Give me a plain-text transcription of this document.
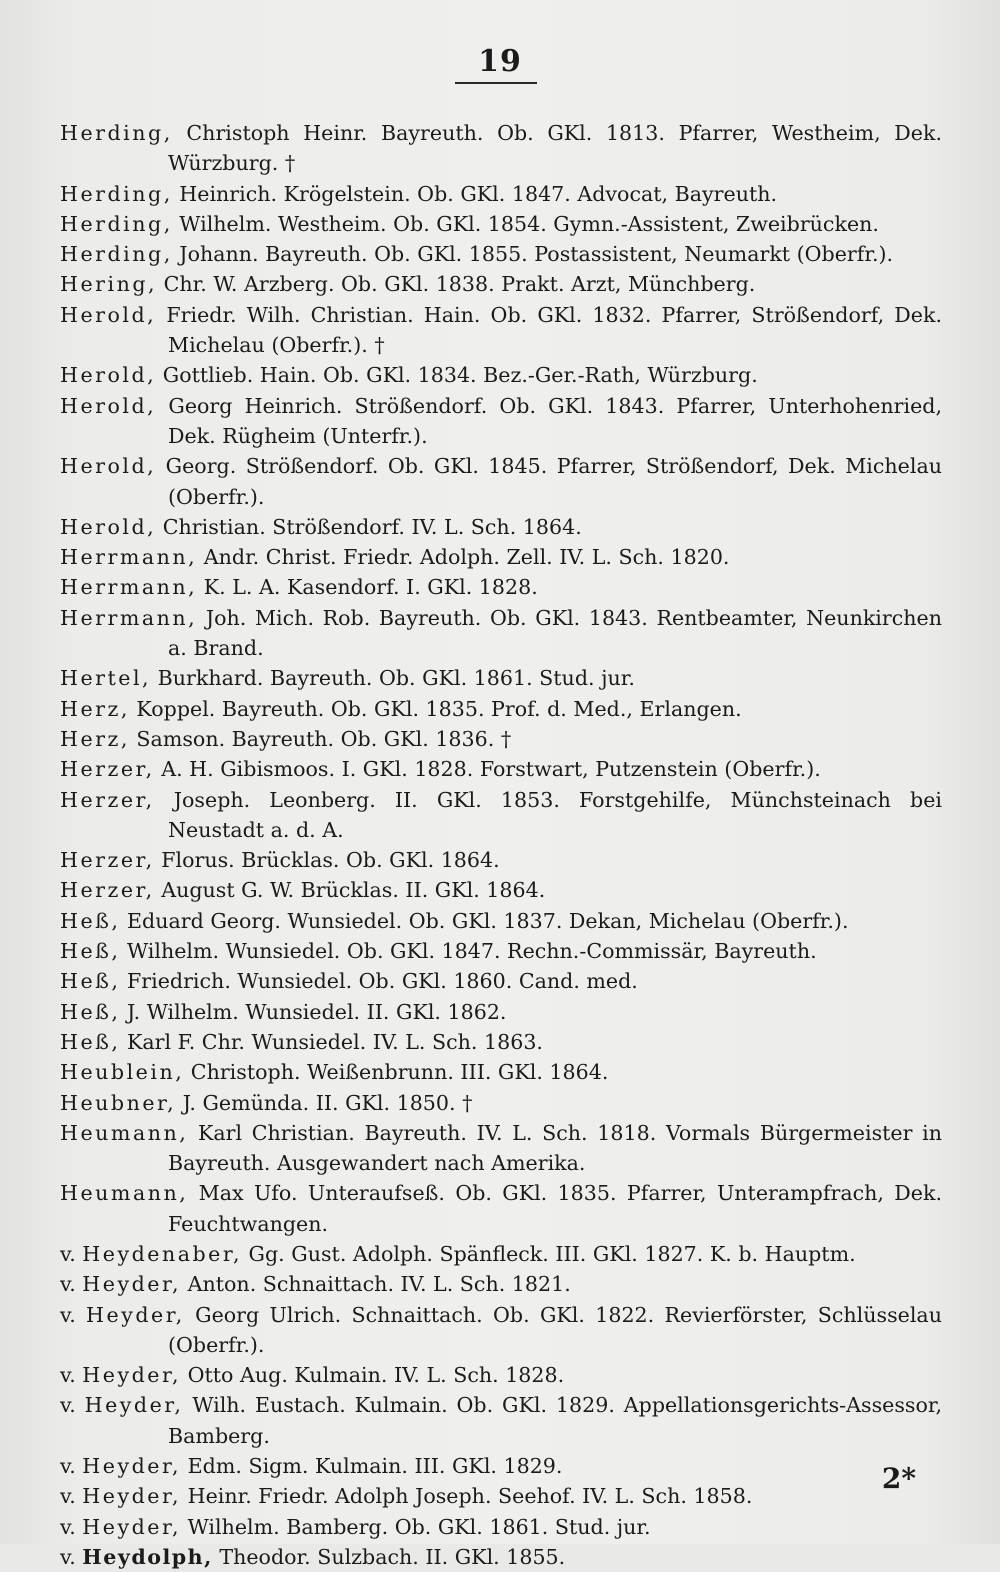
19
Herding, Christoph Heinr. Bayreuth. Ob. GKl. 1813. Pfarrer, Westheim, Dek. Würzburg. †
Herding, Heinrich. Krögelstein. Ob. GKl. 1847. Advocat, Bayreuth.
Herding, Wilhelm. Westheim. Ob. GKl. 1854. Gymn.-Assistent, Zweibrücken.
Herding, Johann. Bayreuth. Ob. GKl. 1855. Postassistent, Neumarkt (Oberfr.).
Hering, Chr. W. Arzberg. Ob. GKl. 1838. Prakt. Arzt, Münchberg.
Herold, Friedr. Wilh. Christian. Hain. Ob. GKl. 1832. Pfarrer, Strößendorf, Dek. Michelau (Oberfr.). †
Herold, Gottlieb. Hain. Ob. GKl. 1834. Bez.-Ger.-Rath, Würzburg.
Herold, Georg Heinrich. Strößendorf. Ob. GKl. 1843. Pfarrer, Unterhohenried, Dek. Rügheim (Unterfr.).
Herold, Georg. Strößendorf. Ob. GKl. 1845. Pfarrer, Strößendorf, Dek. Michelau (Oberfr.).
Herold, Christian. Strößendorf. IV. L. Sch. 1864.
Herrmann, Andr. Christ. Friedr. Adolph. Zell. IV. L. Sch. 1820.
Herrmann, K. L. A. Kasendorf. I. GKl. 1828.
Herrmann, Joh. Mich. Rob. Bayreuth. Ob. GKl. 1843. Rentbeamter, Neunkirchen a. Brand.
Hertel, Burkhard. Bayreuth. Ob. GKl. 1861. Stud. jur.
Herz, Koppel. Bayreuth. Ob. GKl. 1835. Prof. d. Med., Erlangen.
Herz, Samson. Bayreuth. Ob. GKl. 1836. †
Herzer, A. H. Gibismoos. I. GKl. 1828. Forstwart, Putzenstein (Oberfr.).
Herzer, Joseph. Leonberg. II. GKl. 1853. Forstgehilfe, Münchsteinach bei Neustadt a. d. A.
Herzer, Florus. Brücklas. Ob. GKl. 1864.
Herzer, August G. W. Brücklas. II. GKl. 1864.
Heß, Eduard Georg. Wunsiedel. Ob. GKl. 1837. Dekan, Michelau (Oberfr.).
Heß, Wilhelm. Wunsiedel. Ob. GKl. 1847. Rechn.-Commissär, Bayreuth.
Heß, Friedrich. Wunsiedel. Ob. GKl. 1860. Cand. med.
Heß, J. Wilhelm. Wunsiedel. II. GKl. 1862.
Heß, Karl F. Chr. Wunsiedel. IV. L. Sch. 1863.
Heublein, Christoph. Weißenbrunn. III. GKl. 1864.
Heubner, J. Gemünda. II. GKl. 1850. †
Heumann, Karl Christian. Bayreuth. IV. L. Sch. 1818. Vormals Bürgermeister in Bayreuth. Ausgewandert nach Amerika.
Heumann, Max Ufo. Unteraufseß. Ob. GKl. 1835. Pfarrer, Unterampfrach, Dek. Feuchtwangen.
v. Heydenaber, Gg. Gust. Adolph. Spänfleck. III. GKl. 1827. K. b. Hauptm.
v. Heyder, Anton. Schnaittach. IV. L. Sch. 1821.
v. Heyder, Georg Ulrich. Schnaittach. Ob. GKl. 1822. Revierförster, Schlüsselau (Oberfr.).
v. Heyder, Otto Aug. Kulmain. IV. L. Sch. 1828.
v. Heyder, Wilh. Eustach. Kulmain. Ob. GKl. 1829. Appellationsgerichts-Assessor, Bamberg.
v. Heyder, Edm. Sigm. Kulmain. III. GKl. 1829.
v. Heyder, Heinr. Friedr. Adolph Joseph. Seehof. IV. L. Sch. 1858.
v. Heyder, Wilhelm. Bamberg. Ob. GKl. 1861. Stud. jur.
v. Heydolph, Theodor. Sulzbach. II. GKl. 1855.
2*
